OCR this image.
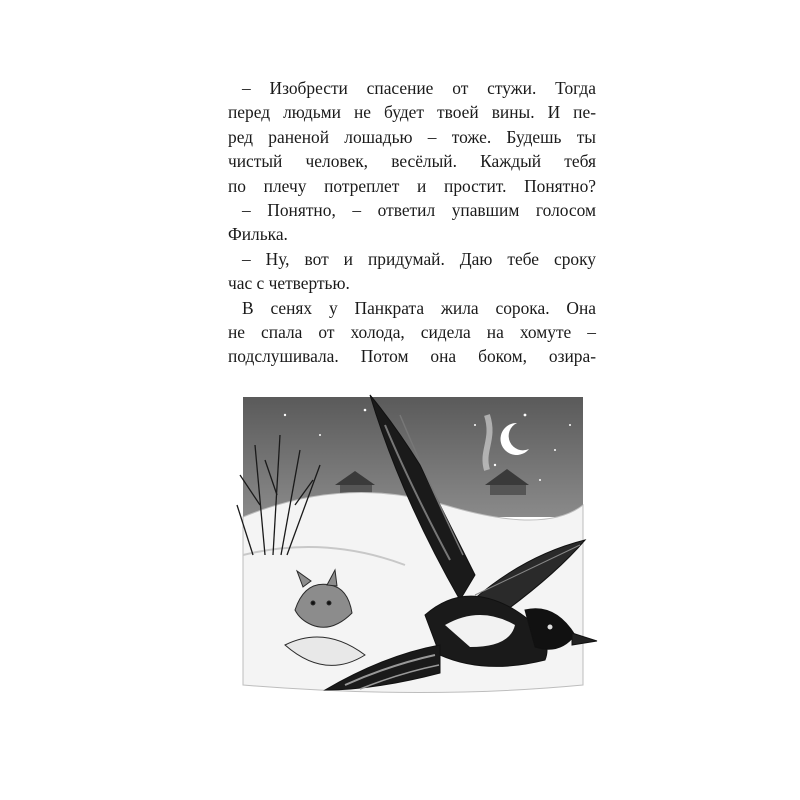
– Изобрести спасение от стужи. Тогда
перед людьми не будет твоей вины. И пе-
ред раненой лошадью – тоже. Будешь ты
чистый человек, весёлый. Каждый тебя
по плечу потреплет и простит. Понятно?
– Понятно, – ответил упавшим голосом
Филька.
– Ну, вот и придумай. Даю тебе сроку
час с четвертью.
В сенях у Панкрата жила сорока. Она
не спала от холода, сидела на хомуте –
подслушивала. Потом она боком, озира-
